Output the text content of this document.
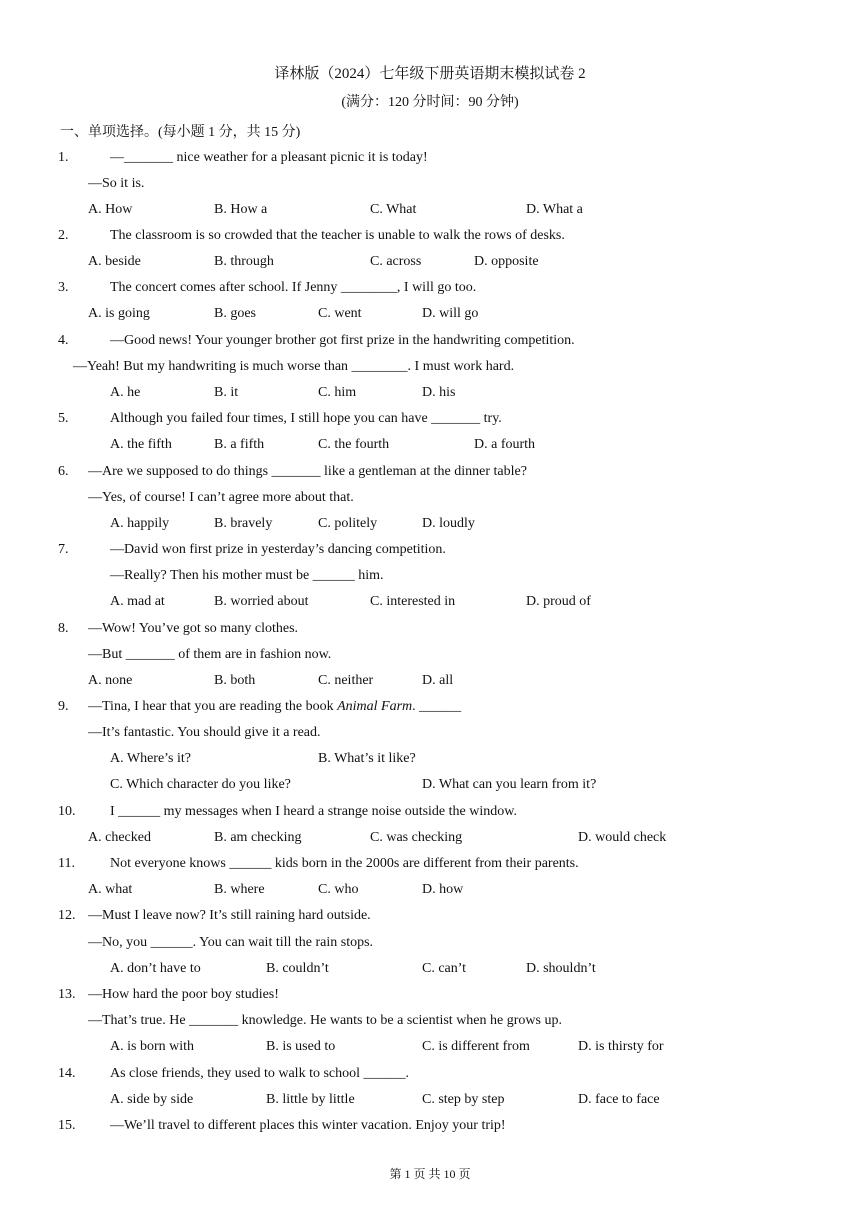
译林版（2024）七年级下册英语期末模拟试卷 2
(满分：120 分时间：90 分钟)
一、单项选择。(每小题 1 分，共 15 分)
1.	—_______ nice weather for a pleasant picnic it is today!
—So it is.
A. How	B. How a	C. What	D. What a
2.	The classroom is so crowded that the teacher is unable to walk the rows of desks.
A. beside	B. through	C. across	D. opposite
3.	The concert comes after school. If Jenny ________, I will go too.
A. is going	B. goes	C. went	D. will go
4.	—Good news! Your younger brother got first prize in the handwriting competition.
—Yeah! But my handwriting is much worse than ________. I must work hard.
A. he	B. it	C. him	D. his
5.	Although you failed four times, I still hope you can have _______ try.
A. the fifth	B. a fifth	C. the fourth	D. a fourth
6. —Are we supposed to do things _______ like a gentleman at the dinner table?
—Yes, of course! I can’t agree more about that.
A. happily	B. bravely	C. politely	D. loudly
7.	—David won first prize in yesterday’s dancing competition.
—Really? Then his mother must be ______ him.
A. mad at	B. worried about	C. interested in	D. proud of
8. —Wow! You’ve got so many clothes.
—But _______ of them are in fashion now.
A. none	B. both	C. neither	D. all
9. —Tina, I hear that you are reading the book Animal Farm. ______
—It’s fantastic. You should give it a read.
A. Where’s it?	B. What’s it like?
C. Which character do you like?	D. What can you learn from it?
10. I ______ my messages when I heard a strange noise outside the window.
A. checked	B. am checking	C. was checking	D. would check
11.	Not everyone knows ______ kids born in the 2000s are different from their parents.
A. what	B. where	C. who	D. how
12. —Must I leave now? It’s still raining hard outside.
—No, you ______. You can wait till the rain stops.
A. don’t have to	B. couldn’t	C. can’t	D. shouldn’t
13. —How hard the poor boy studies!
—That’s true. He _______ knowledge. He wants to be a scientist when he grows up.
A. is born with	B. is used to	C. is different from	D. is thirsty for
14. As close friends, they used to walk to school ______.
A. side by side	B. little by little	C. step by step	D. face to face
15. —We’ll travel to different places this winter vacation. Enjoy your trip!
第 1 页 共 10 页
